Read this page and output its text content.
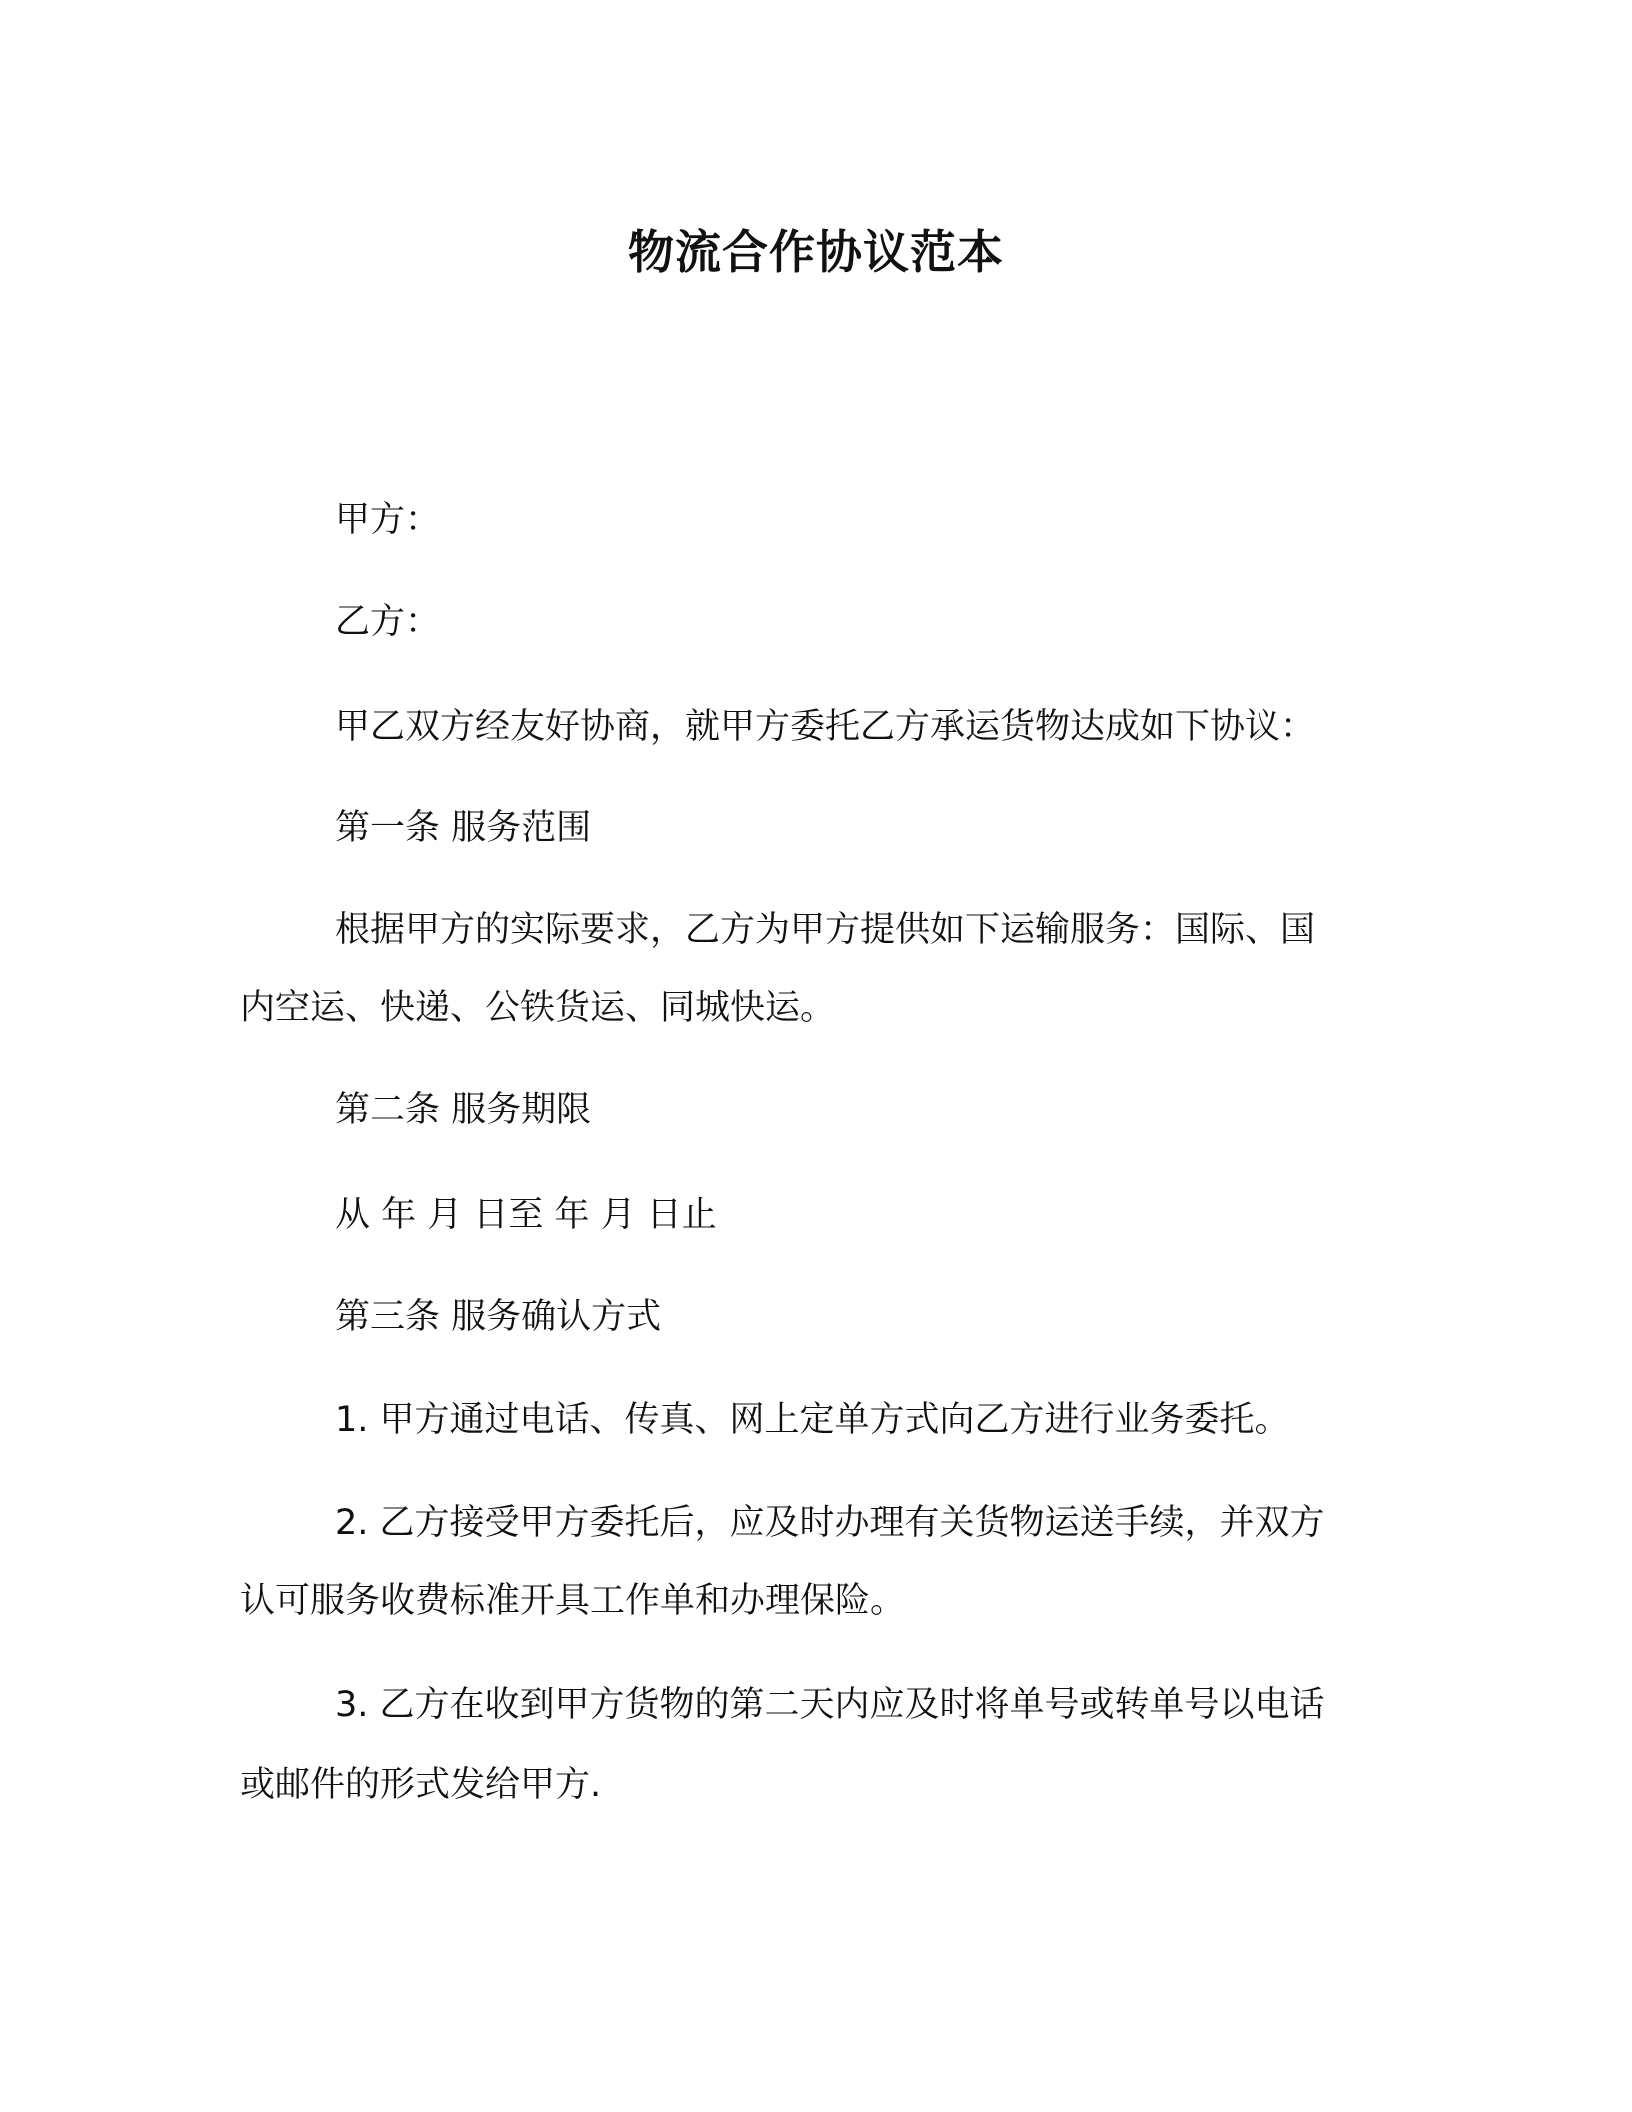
物流合作协议范本

甲方：

乙方：

甲乙双方经友好协商，就甲方委托乙方承运货物达成如下协议：

第一条 服务范围

根据甲方的实际要求，乙方为甲方提供如下运输服务：国际、国

内空运、快递、公铁货运、同城快运。

第二条 服务期限

从 年 月 日至 年 月 日止

第三条 服务确认方式

1. 甲方通过电话、传真、网上定单方式向乙方进行业务委托。

2. 乙方接受甲方委托后，应及时办理有关货物运送手续，并双方

认可服务收费标准开具工作单和办理保险。

3. 乙方在收到甲方货物的第二天内应及时将单号或转单号以电话

或邮件的形式发给甲方.
